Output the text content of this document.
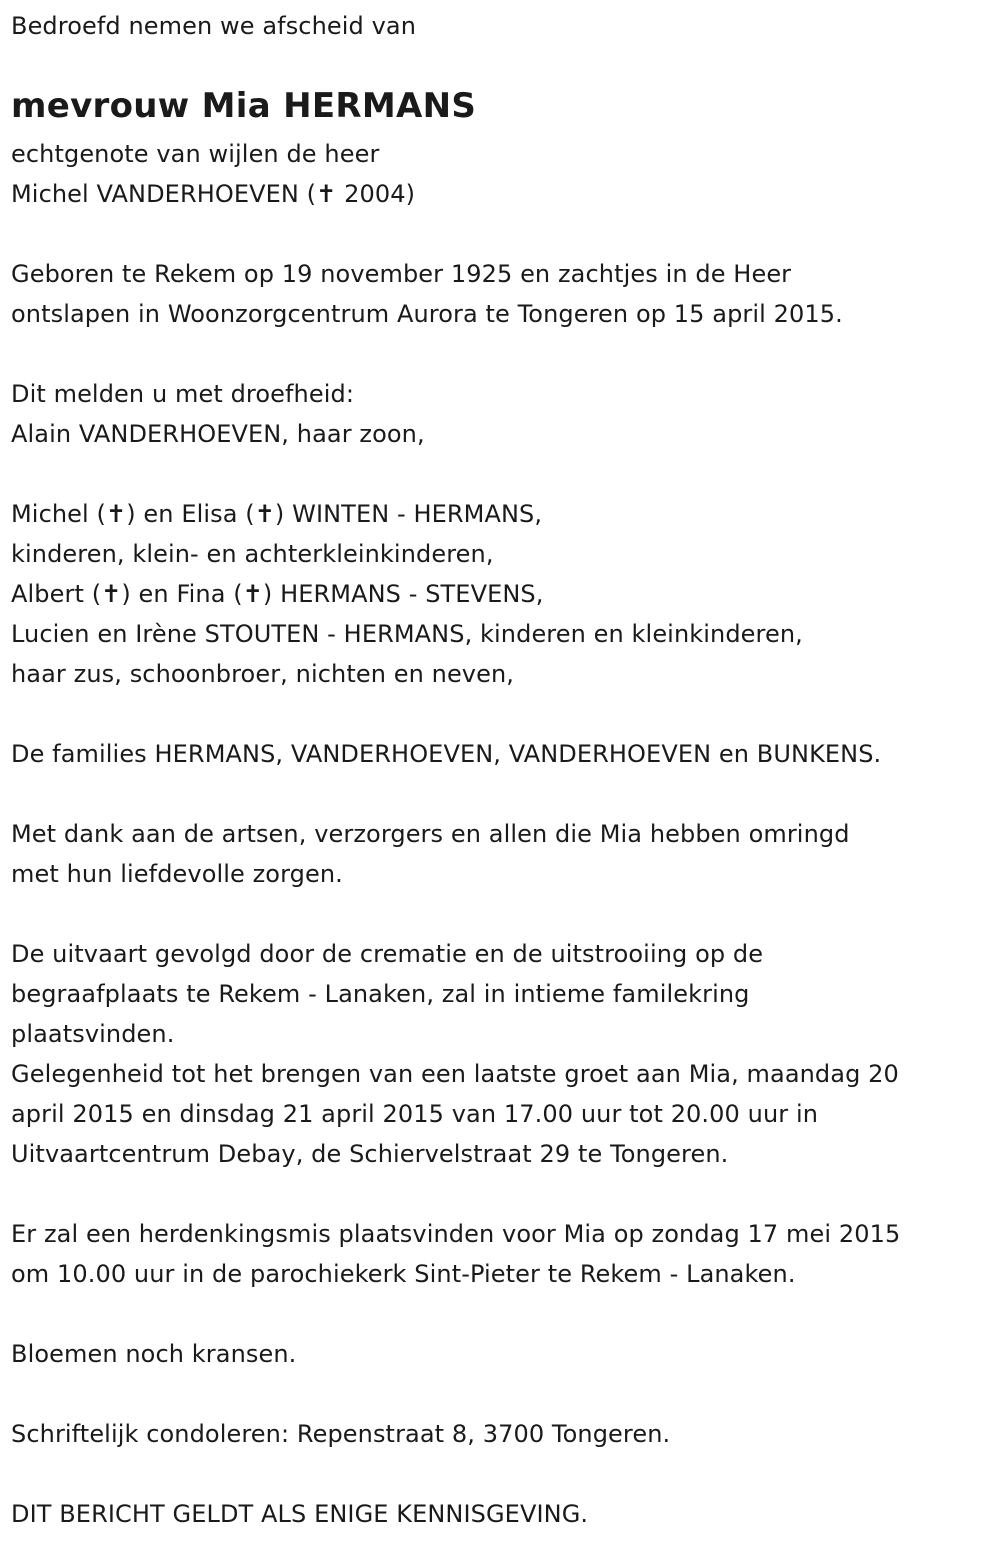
Bedroefd nemen we afscheid van
mevrouw Mia HERMANS
echtgenote van wijlen de heer
Michel VANDERHOEVEN (✝ 2004)
Geboren te Rekem op 19 november 1925 en zachtjes in de Heer
ontslapen in Woonzorgcentrum Aurora te Tongeren op 15 april 2015.
Dit melden u met droefheid:
Alain VANDERHOEVEN, haar zoon,
Michel (✝) en Elisa (✝) WINTEN - HERMANS,
kinderen, klein- en achterkleinkinderen,
Albert (✝) en Fina (✝) HERMANS - STEVENS,
Lucien en Irène STOUTEN - HERMANS, kinderen en kleinkinderen,
haar zus, schoonbroer, nichten en neven,
De families HERMANS, VANDERHOEVEN, VANDERHOEVEN en BUNKENS.
Met dank aan de artsen, verzorgers en allen die Mia hebben omringd
met hun liefdevolle zorgen.
De uitvaart gevolgd door de crematie en de uitstrooiing op de
begraafplaats te Rekem - Lanaken, zal in intieme familekring
plaatsvinden.
Gelegenheid tot het brengen van een laatste groet aan Mia, maandag 20
april 2015 en dinsdag 21 april 2015 van 17.00 uur tot 20.00 uur in
Uitvaartcentrum Debay, de Schiervelstraat 29 te Tongeren.
Er zal een herdenkingsmis plaatsvinden voor Mia op zondag 17 mei 2015
om 10.00 uur in de parochiekerk Sint-Pieter te Rekem - Lanaken.
Bloemen noch kransen.
Schriftelijk condoleren: Repenstraat 8, 3700 Tongeren.
DIT BERICHT GELDT ALS ENIGE KENNISGEVING.
